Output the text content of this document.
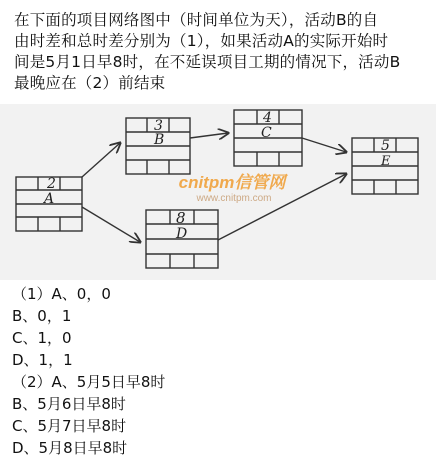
在下面的项目网络图中（时间单位为天），活动B的自
由时差和总时差分别为（1），如果活动A的实际开始时
间是5月1日早8时，在不延误项目工期的情况下，活动B
最晚应在（2）前结束
2
A
3
B
4
C
8
D
5
E
cnitpm信管网
www.cnitpm.com
（1）A、0，0
B、0，1
C、1，0
D、1，1
（2）A、5月5日早8时
B、5月6日早8时
C、5月7日早8时
D、5月8日早8时
